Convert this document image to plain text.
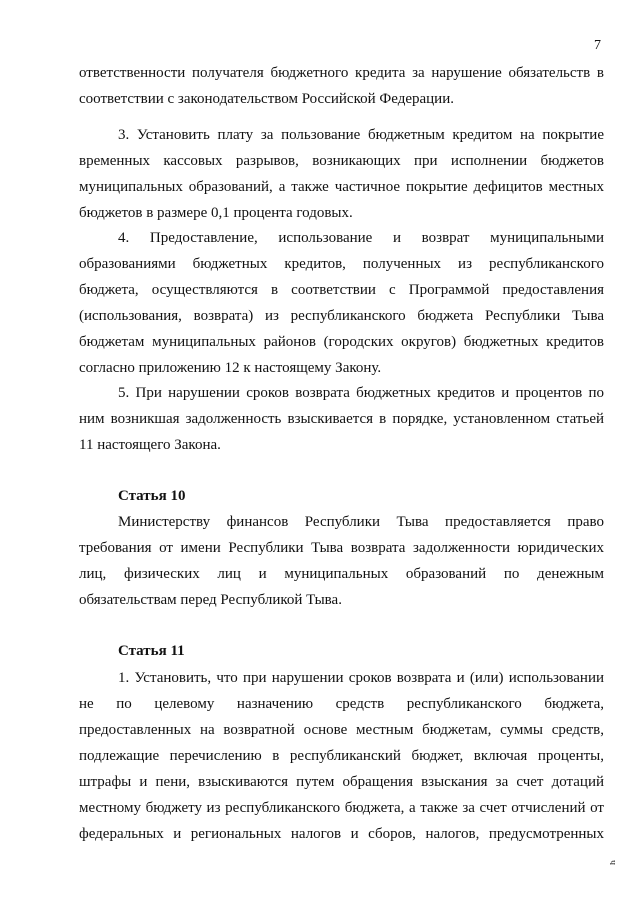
7

ответственности получателя бюджетного кредита за нарушение обязательств в
соответствии с законодательством Российской Федерации.
3. Установить плату за пользование бюджетным кредитом на покрытие
временных кассовых разрывов, возникающих при исполнении бюджетов
муниципальных образований, а также частичное покрытие дефицитов местных
бюджетов в размере 0,1 процента годовых.
4. Предоставление, использование и возврат муниципальными
образованиями бюджетных кредитов, полученных из республиканского
бюджета, осуществляются в соответствии с Программой предоставления
(использования, возврата) из республиканского бюджета Республики Тыва
бюджетам муниципальных районов (городских округов) бюджетных кредитов
согласно приложению 12 к настоящему Закону.
5. При нарушении сроков возврата бюджетных кредитов и процентов по
ним возникшая задолженность взыскивается в порядке, установленном статьей
11 настоящего Закона.

Статья 10

Министерству финансов Республики Тыва предоставляется право
требования от имени Республики Тыва возврата задолженности юридических
лиц, физических лиц и муниципальных образований по денежным
обязательствам перед Республикой Тыва.

Статья 11

1. Установить, что при нарушении сроков возврата и (или) использовании
не по целевому назначению средств республиканского бюджета,
предоставленных на возвратной основе местным бюджетам, суммы средств,
подлежащие перечислению в республиканский бюджет, включая проценты,
штрафы и пени, взыскиваются путем обращения взыскания за счет дотаций
местному бюджету из республиканского бюджета, а также за счет отчислений от
федеральных и региональных налогов и сборов, налогов, предусмотренных
ч
